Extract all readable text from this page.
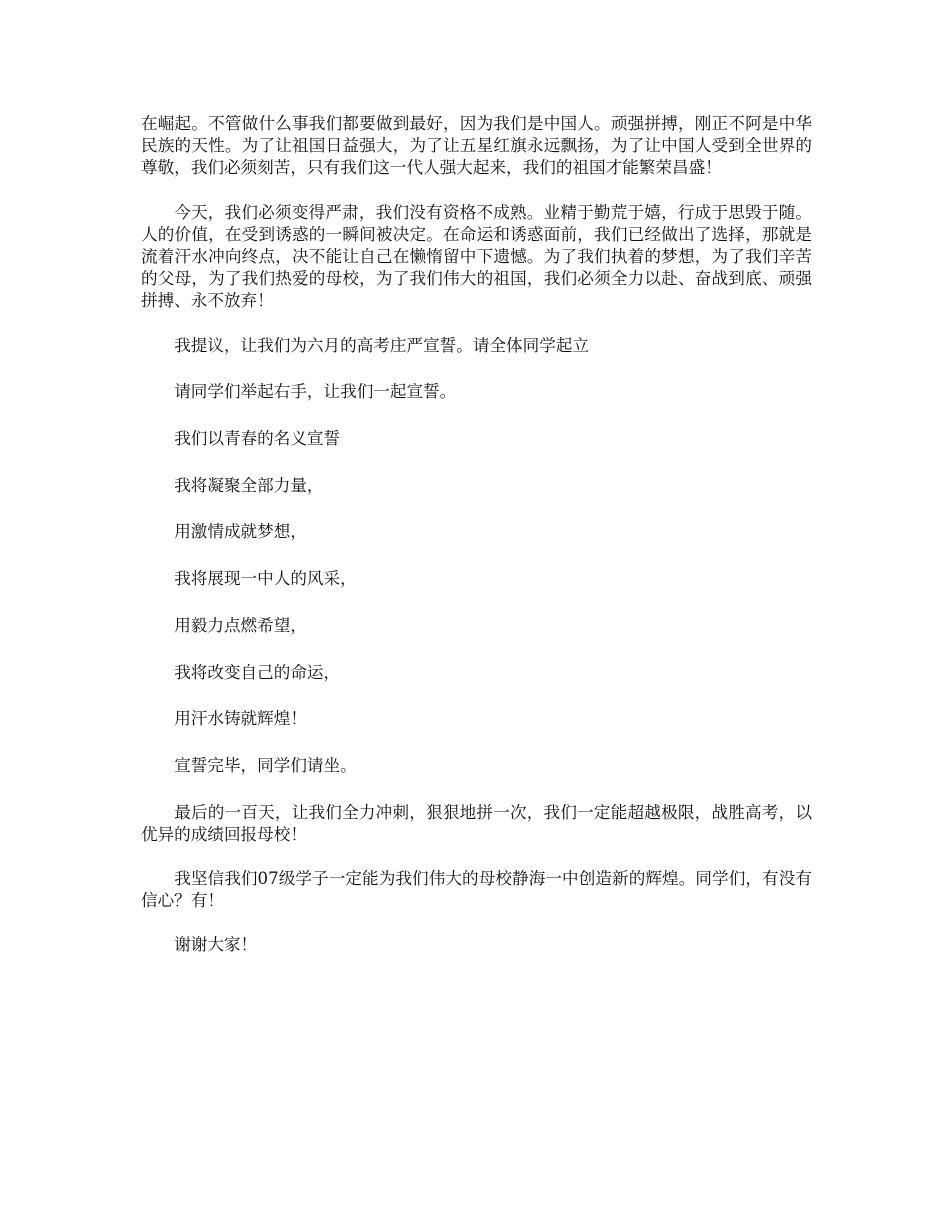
在崛起。不管做什么事我们都要做到最好，因为我们是中国人。顽强拼搏，刚正不阿是中华民族的天性。为了让祖国日益强大，为了让五星红旗永远飘扬，为了让中国人受到全世界的尊敬，我们必须刻苦，只有我们这一代人强大起来，我们的祖国才能繁荣昌盛！

今天，我们必须变得严肃，我们没有资格不成熟。业精于勤荒于嬉，行成于思毁于随。人的价值，在受到诱惑的一瞬间被决定。在命运和诱惑面前，我们已经做出了选择，那就是流着汗水冲向终点，决不能让自己在懒惰留中下遗憾。为了我们执着的梦想，为了我们辛苦的父母，为了我们热爱的母校，为了我们伟大的祖国，我们必须全力以赴、奋战到底、顽强拼搏、永不放弃！

我提议，让我们为六月的高考庄严宣誓。请全体同学起立

请同学们举起右手，让我们一起宣誓。

我们以青春的名义宣誓

我将凝聚全部力量，

用激情成就梦想，

我将展现一中人的风采，

用毅力点燃希望，

我将改变自己的命运，

用汗水铸就辉煌！

宣誓完毕，同学们请坐。

最后的一百天，让我们全力冲刺，狠狠地拼一次，我们一定能超越极限，战胜高考，以优异的成绩回报母校！

我坚信我们07级学子一定能为我们伟大的母校静海一中创造新的辉煌。同学们，有没有信心？有！

谢谢大家！
